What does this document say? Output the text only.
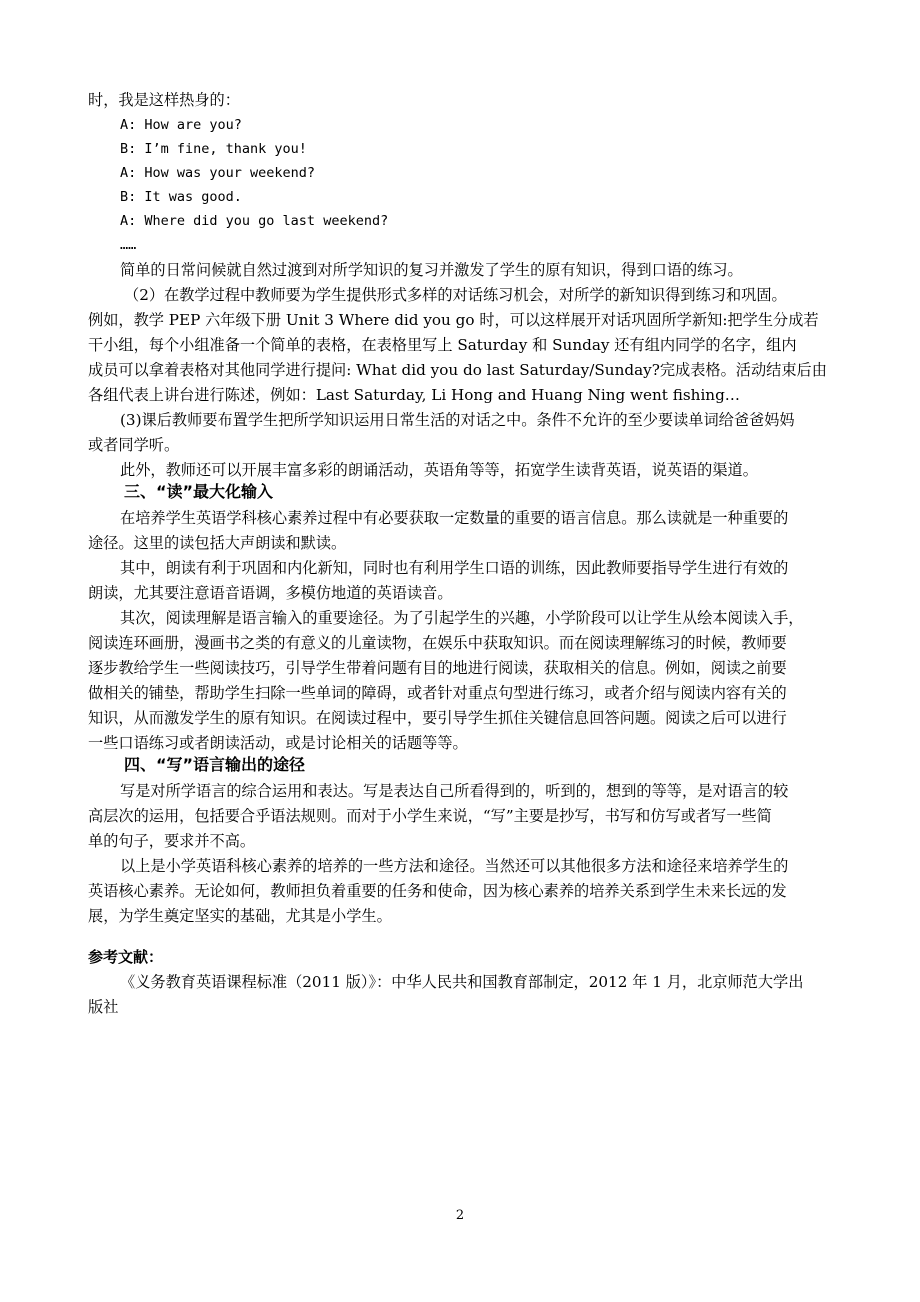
时，我是这样热身的：
A: How are you?
B: I’m fine, thank you!
A: How was your weekend?
B: It was good.
A: Where did you go last weekend?
……
简单的日常问候就自然过渡到对所学知识的复习并激发了学生的原有知识，得到口语的练习。
（2）在教学过程中教师要为学生提供形式多样的对话练习机会，对所学的新知识得到练习和巩固。
例如，教学 PEP 六年级下册 Unit 3 Where did you go 时，可以这样展开对话巩固所学新知:把学生分成若
干小组，每个小组准备一个简单的表格，在表格里写上 Saturday 和 Sunday 还有组内同学的名字，组内
成员可以拿着表格对其他同学进行提问: What did you do last Saturday/Sunday?完成表格。活动结束后由
各组代表上讲台进行陈述，例如：Last Saturday, Li Hong and Huang Ning went fishing…
(3)课后教师要布置学生把所学知识运用日常生活的对话之中。条件不允许的至少要读单词给爸爸妈妈
或者同学听。
此外，教师还可以开展丰富多彩的朗诵活动，英语角等等，拓宽学生读背英语，说英语的渠道。
三、“读”最大化输入
在培养学生英语学科核心素养过程中有必要获取一定数量的重要的语言信息。那么读就是一种重要的
途径。这里的读包括大声朗读和默读。
其中，朗读有利于巩固和内化新知，同时也有利用学生口语的训练，因此教师要指导学生进行有效的
朗读，尤其要注意语音语调，多模仿地道的英语读音。
其次，阅读理解是语言输入的重要途径。为了引起学生的兴趣，小学阶段可以让学生从绘本阅读入手，
阅读连环画册，漫画书之类的有意义的儿童读物，在娱乐中获取知识。而在阅读理解练习的时候，教师要
逐步教给学生一些阅读技巧，引导学生带着问题有目的地进行阅读，获取相关的信息。例如，阅读之前要
做相关的铺垫，帮助学生扫除一些单词的障碍，或者针对重点句型进行练习，或者介绍与阅读内容有关的
知识，从而激发学生的原有知识。在阅读过程中，要引导学生抓住关键信息回答问题。阅读之后可以进行
一些口语练习或者朗读活动，或是讨论相关的话题等等。
四、“写”语言输出的途径
写是对所学语言的综合运用和表达。写是表达自己所看得到的，听到的，想到的等等，是对语言的较
高层次的运用，包括要合乎语法规则。而对于小学生来说，“写”主要是抄写，书写和仿写或者写一些简
单的句子，要求并不高。
以上是小学英语科核心素养的培养的一些方法和途径。当然还可以其他很多方法和途径来培养学生的
英语核心素养。无论如何，教师担负着重要的任务和使命，因为核心素养的培养关系到学生未来长远的发
展，为学生奠定坚实的基础，尤其是小学生。
参考文献：
《义务教育英语课程标准（2011 版）》：中华人民共和国教育部制定，2012 年 1 月，北京师范大学出
版社
2
